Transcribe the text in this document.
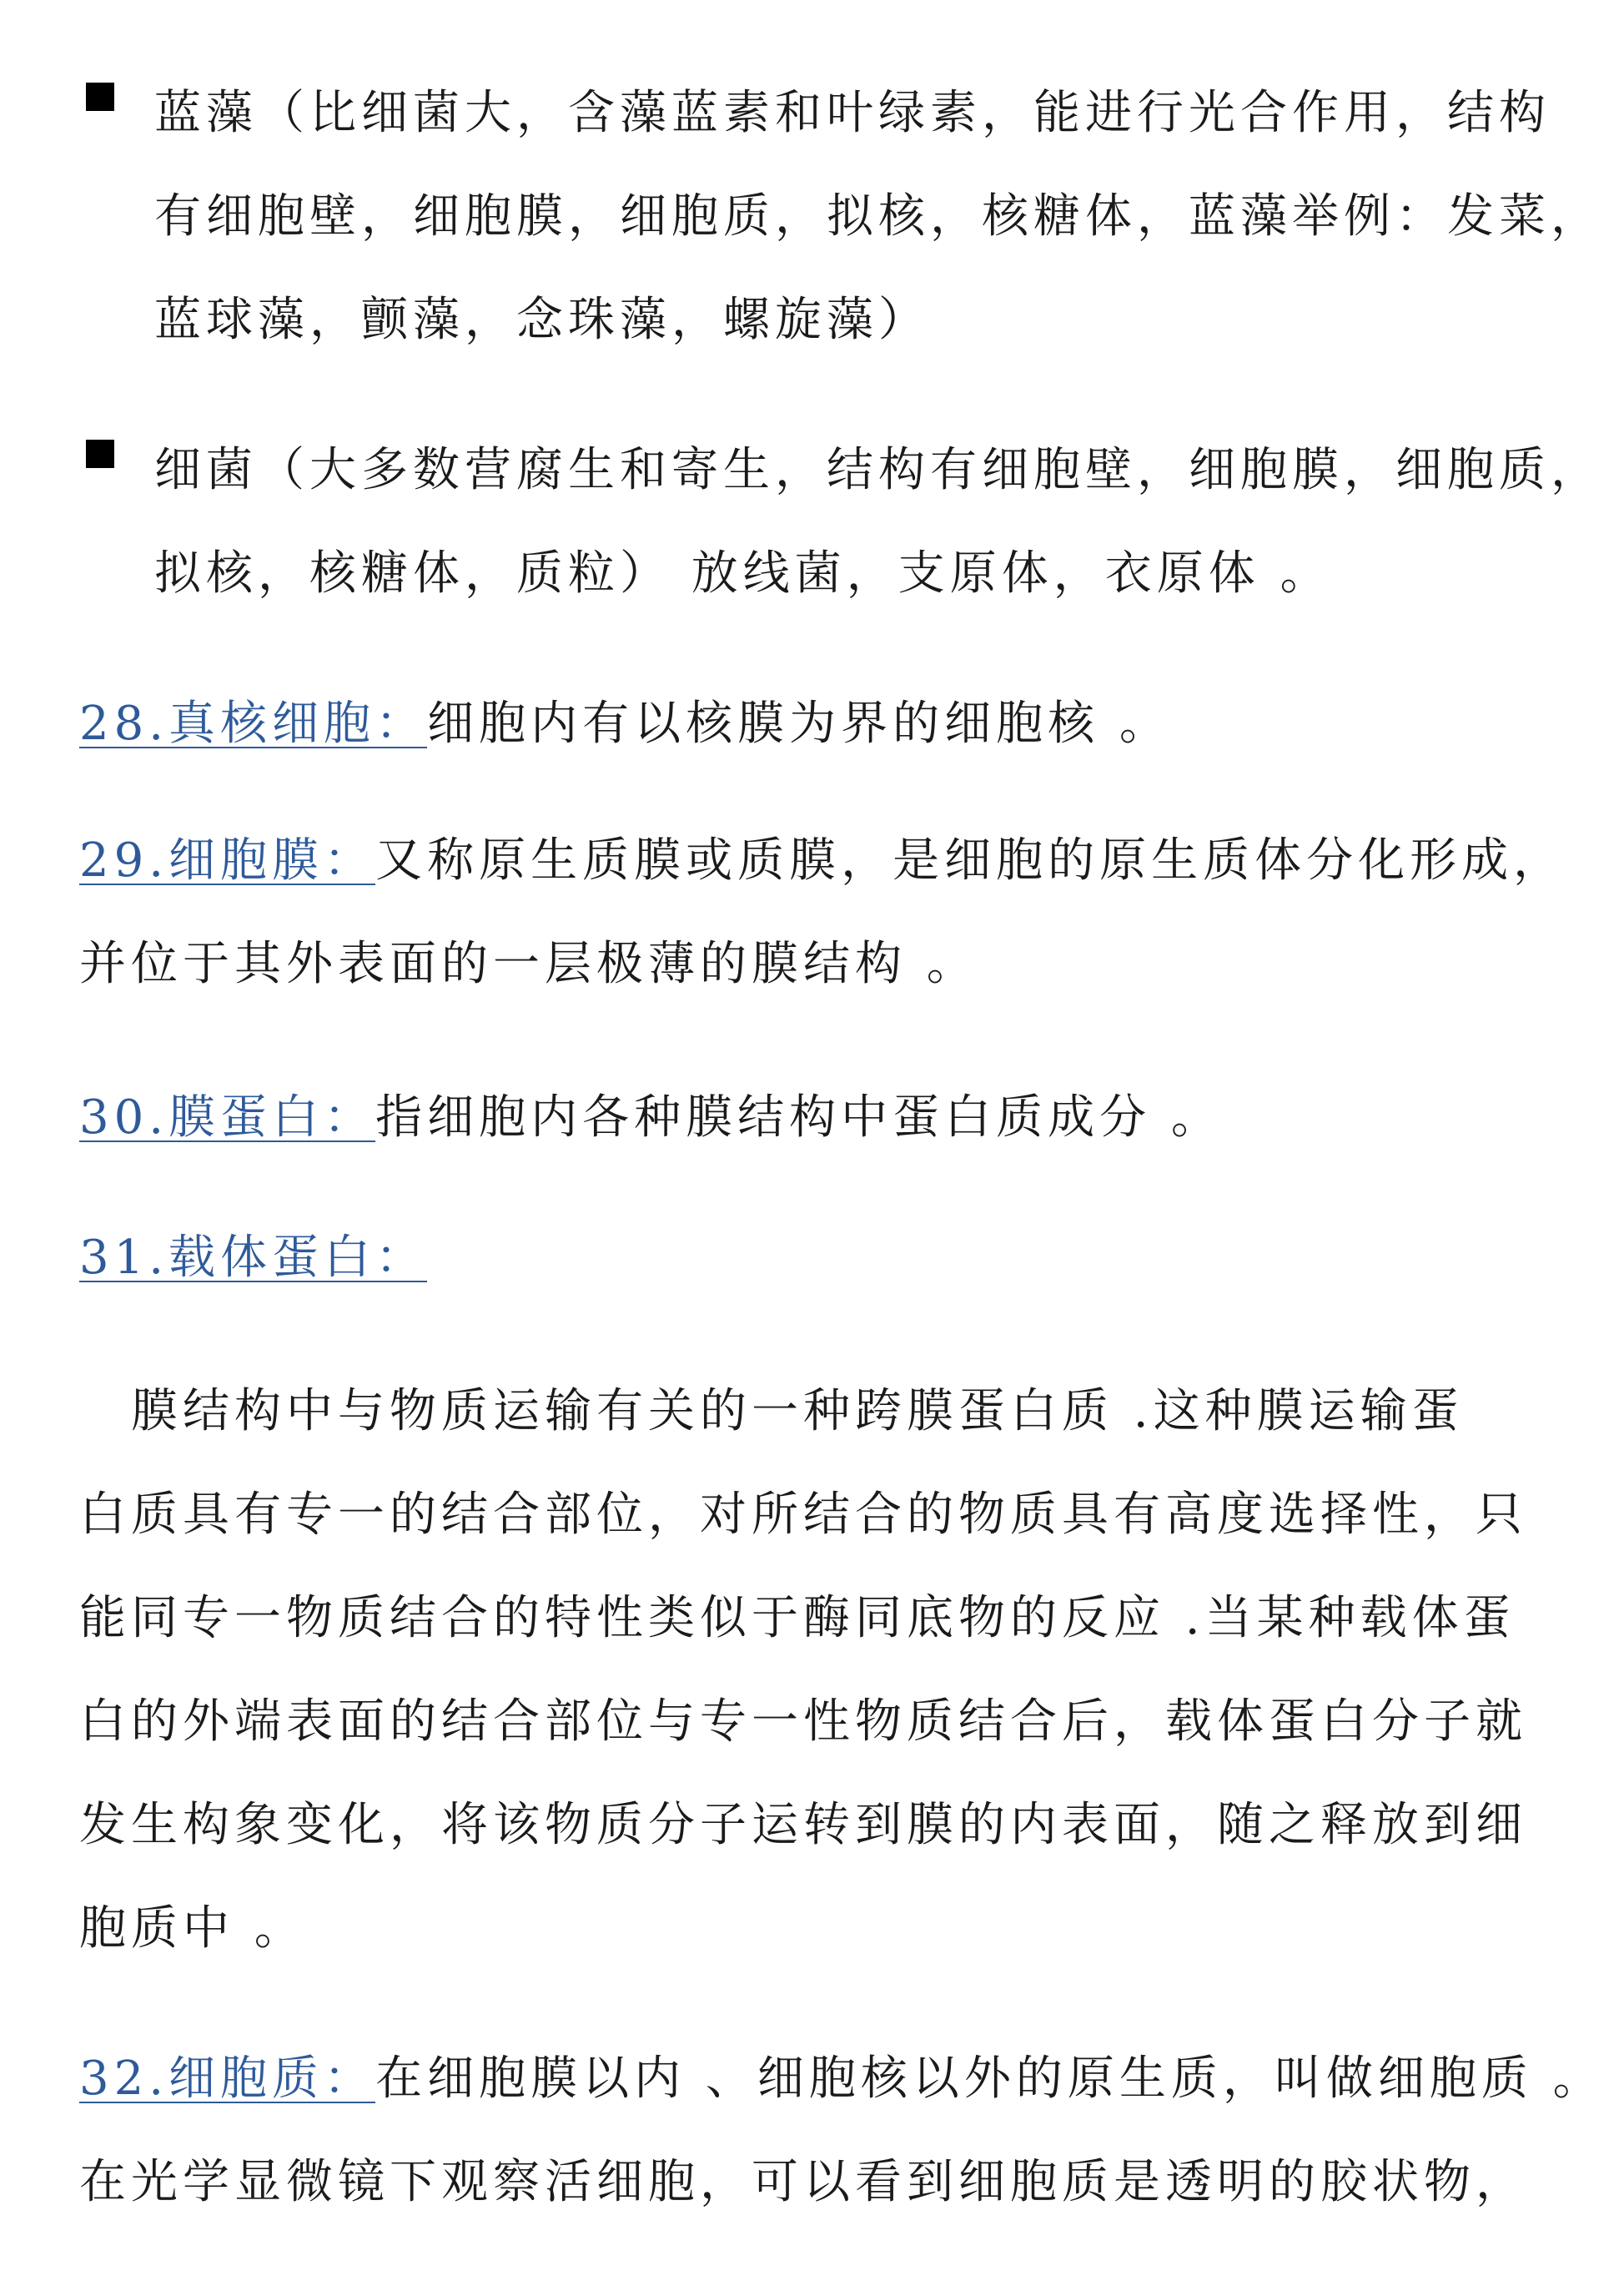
蓝藻（比细菌大，含藻蓝素和叶绿素，能进行光合作用，结构
有细胞壁，细胞膜，细胞质，拟核，核糖体，蓝藻举例：发菜，
蓝球藻，颤藻，念珠藻，螺旋藻）
细菌（大多数营腐生和寄生，结构有细胞壁，细胞膜，细胞质，
拟核，核糖体，质粒） 放线菌，支原体，衣原体 。
28.真核细胞：细胞内有以核膜为界的细胞核 。
29.细胞膜：又称原生质膜或质膜，是细胞的原生质体分化形成，
并位于其外表面的一层极薄的膜结构 。
30.膜蛋白：指细胞内各种膜结构中蛋白质成分 。
31.载体蛋白：
　膜结构中与物质运输有关的一种跨膜蛋白质 .这种膜运输蛋
白质具有专一的结合部位，对所结合的物质具有高度选择性，只
能同专一物质结合的特性类似于酶同底物的反应 .当某种载体蛋
白的外端表面的结合部位与专一性物质结合后，载体蛋白分子就
发生构象变化，将该物质分子运转到膜的内表面，随之释放到细
胞质中 。
32.细胞质：在细胞膜以内 、细胞核以外的原生质，叫做细胞质 。
在光学显微镜下观察活细胞，可以看到细胞质是透明的胶状物，
